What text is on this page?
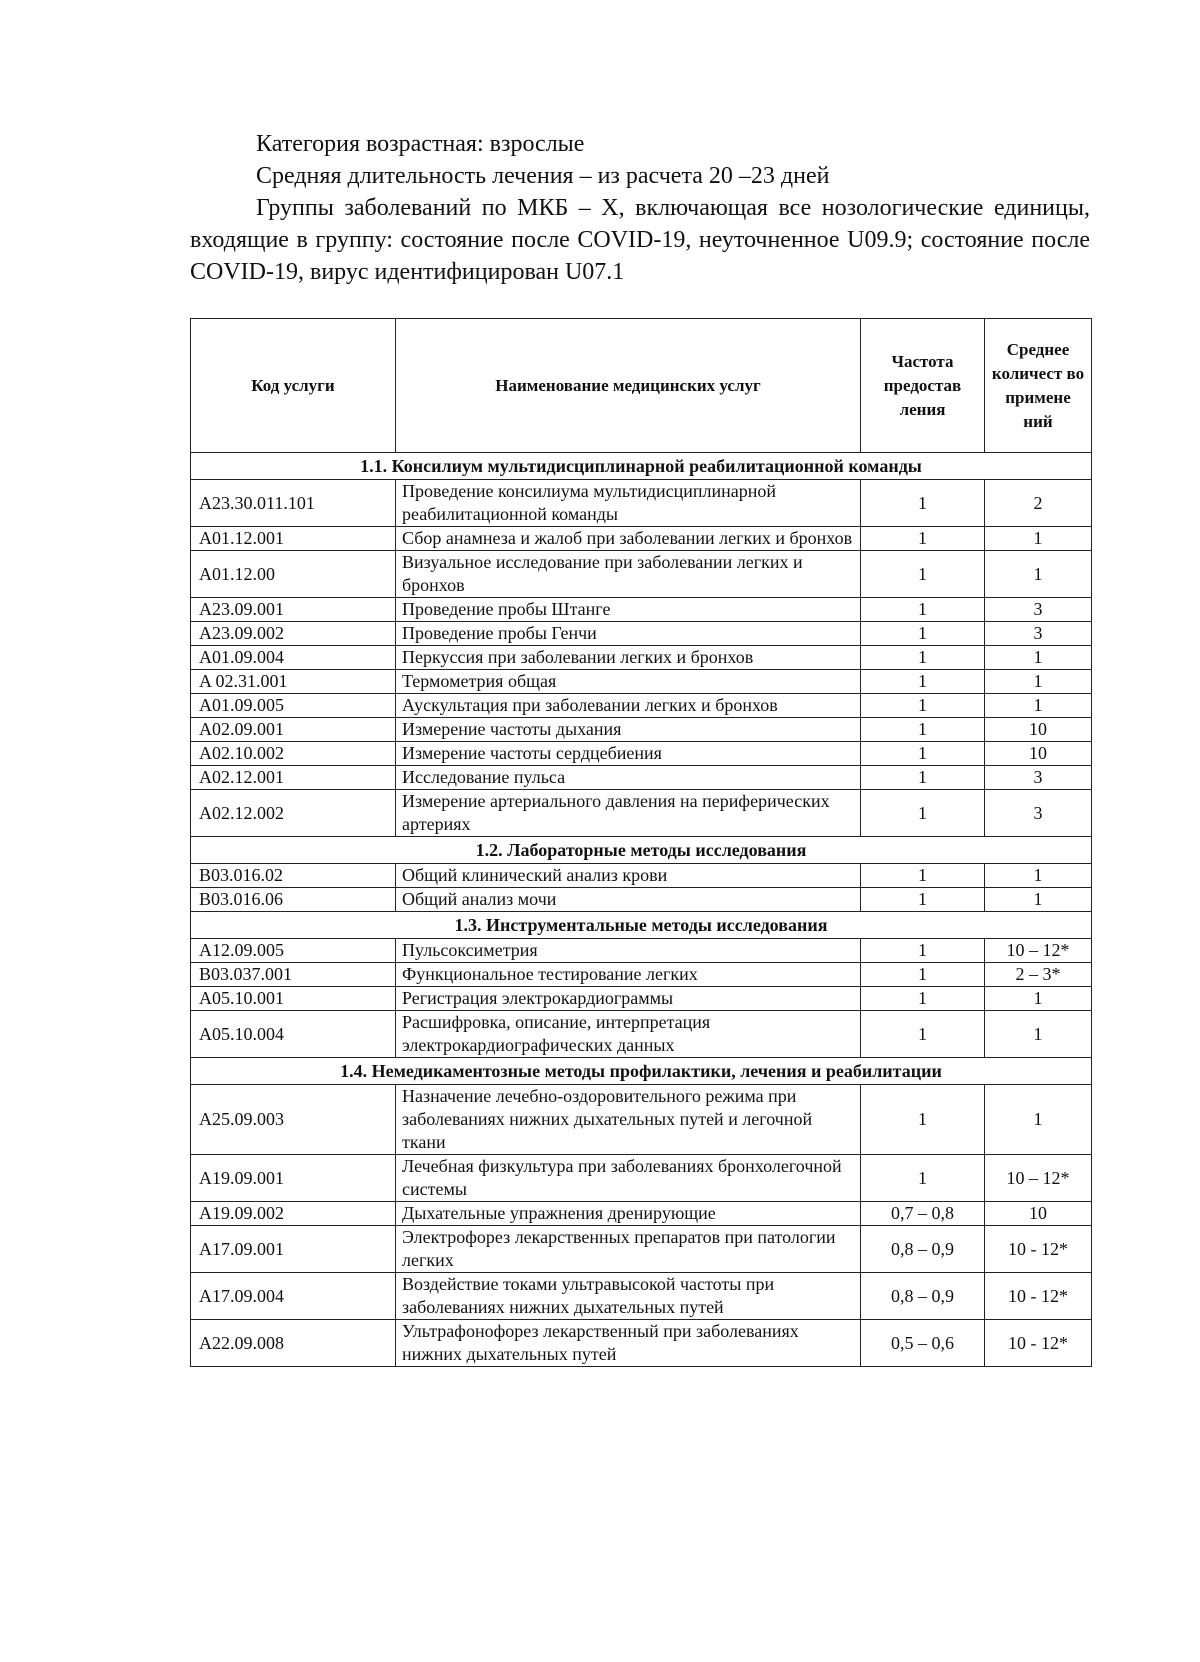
Категория возрастная: взрослые

Средняя длительность лечения – из расчета 20 –23 дней

Группы заболеваний по МКБ – X, включающая все нозологические единицы, входящие в группу: состояние после COVID-19, неуточненное U09.9; состояние после COVID-19, вирус идентифицирован U07.1

Код услуги	Наименование медицинских услуг	Частота предостав ления	Среднее количест во примене ний
1.1. Консилиум мультидисциплинарной реабилитационной команды			
A23.30.011.101	Проведение консилиума мультидисциплинарной реабилитационной команды	1	2
A01.12.001	Сбор анамнеза и жалоб при заболевании легких и бронхов	1	1
A01.12.00	Визуальное исследование при заболевании легких и бронхов	1	1
A23.09.001	Проведение пробы Штанге	1	3
A23.09.002	Проведение пробы Генчи	1	3
A01.09.004	Перкуссия при заболевании легких и бронхов	1	1
A 02.31.001	Термометрия общая	1	1
A01.09.005	Аускультация при заболевании легких и бронхов	1	1
A02.09.001	Измерение частоты дыхания	1	10
A02.10.002	Измерение частоты сердцебиения	1	10
A02.12.001	Исследование пульса	1	3
A02.12.002	Измерение артериального давления на периферических артериях	1	3
1.2. Лабораторные методы исследования			
B03.016.02	Общий клинический анализ крови	1	1
B03.016.06	Общий анализ мочи	1	1
1.3. Инструментальные методы исследования			
A12.09.005	Пульсоксиметрия	1	10 – 12*
B03.037.001	Функциональное тестирование легких	1	2 – 3*
A05.10.001	Регистрация электрокардиограммы	1	1
A05.10.004	Расшифровка, описание, интерпретация электрокардиографических данных	1	1
1.4. Немедикаментозные методы профилактики, лечения и реабилитации			
A25.09.003	Назначение лечебно-оздоровительного режима при заболеваниях нижних дыхательных путей и легочной ткани	1	1
A19.09.001	Лечебная физкультура при заболеваниях бронхолегочной системы	1	10 – 12*
A19.09.002	Дыхательные упражнения дренирующие	0,7 – 0,8	10
A17.09.001	Электрофорез лекарственных препаратов при патологии легких	0,8 – 0,9	10 - 12*
A17.09.004	Воздействие токами ультравысокой частоты при заболеваниях нижних дыхательных путей	0,8 – 0,9	10 - 12*
A22.09.008	Ультрафонофорез лекарственный при заболеваниях нижних дыхательных путей	0,5 – 0,6	10 - 12*
